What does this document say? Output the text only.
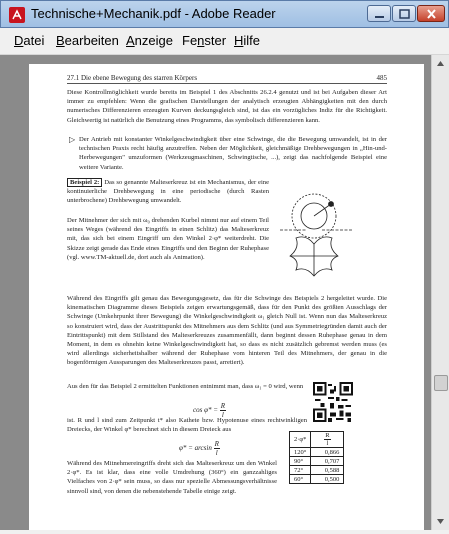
Technische+Mechanik.pdf - Adobe Reader
Datei Bearbeiten Anzeige Fenster Hilfe
27.1 Die ebene Bewegung des starren Körpers	485
Diese Kontrollmöglichkeit wurde bereits im Beispiel 1 des Abschnitts 26.2.4 genutzt und ist bei Aufgaben dieser Art immer zu empfehlen: Wenn die grafischen Darstellungen der analytisch erzeugten Abhängigkeiten mit den durch numerisches Differenzieren erzeugten Kurven deckungsgleich sind, ist das ein vorzügliches Indiz für die Richtigkeit. Gleichwertig ist natürlich die Benutzung eines Programms, das symbolisch differenzieren kann.
▷ Der Antrieb mit konstanter Winkelgeschwindigkeit über eine Schwinge, die die Bewegung umwandelt, ist in der technischen Praxis recht häufig anzutreffen. Neben der Möglichkeit, gleichmäßige Drehbewegungen in „Hin-und-Herbewegungen" umzuformen (Werkzeugmaschinen, Schwingtische, ...), zeigt das nachfolgende Beispiel eine weitere Variante.
Beispiel 2: Das so genannte Malteserkreuz ist ein Mechanismus, der eine kontinuierliche Drehbewegung in eine periodische (durch Rasten unterbrochene) Drehbewegung umwandelt.
Der Mitnehmer der sich mit ω₀ drehenden Kurbel nimmt nur auf einem Teil seines Weges (während des Eingriffs in einen Schlitz) das Malteserkreuz mit, das sich bei einem Eingriff um den Winkel 2·φ* weiterdreht. Die Skizze zeigt gerade das Ende eines Eingriffs und den Beginn der Ruhephase (vgl. www.TM-aktuell.de, dort auch als Animation).
Während des Eingriffs gilt genau das Bewegungsgesetz, das für die Schwinge des Beispiels 2 hergeleitet wurde. Die kinematischen Diagramme dieses Beispiels zeigen erwartungsgemäß, dass für den Punkt des größten Ausschlags der Schwinge (Umkehrpunkt ihrer Bewegung) die Winkelgeschwindigkeit ω₁ gleich Null ist. Wenn nun das Malteserkreuz so konstruiert wird, dass der Austrittspunkt des Mitnehmers aus dem Schlitz (und aus Symmetriegründen damit auch der Eintrittspunkt) mit dem Stillstand des Malteserkreuzes zusammenfällt, dann beginnt dessen Ruhephase genau in dem Moment, in dem es ohnehin keine Winkelgeschwindigkeit hat, so dass es nicht zusätzlich gebremst werden muss (es wird allerdings sicherheitshalber während der Ruhephase vom hinteren Teil des Mitnehmers, der genau in die bogenförmigen Aussparungen des Malteserkreuzes passt, arretiert).
Aus den für das Beispiel 2 ermittelten Funktionen entnimmt man, dass ω₁ = 0 wird, wenn
$\cos \varphi* = \frac{R}{l}$
ist. R und l sind zum Zeitpunkt t* also Kathete bzw. Hypotenuse eines rechtwinkligen Dreiecks, der Winkel φ* berechnet sich in diesem Dreieck aus
$\varphi* = \arcsin \frac{R}{l}$
Während des Mitnehmereingriffs dreht sich das Malteserkreuz um den Winkel 2·φ*. Es ist klar, dass eine volle Umdrehung (360°) ein ganzzahliges Vielfaches von 2·φ* sein muss, so dass nur spezielle Abmessungsverhältnisse sinnvoll sind, von denen die nebenstehende Tabelle einige zeigt.
2·φ*	$\frac{R}{l}$

120°	0,866
90°	0,707
72°	0,588
60°	0,500
